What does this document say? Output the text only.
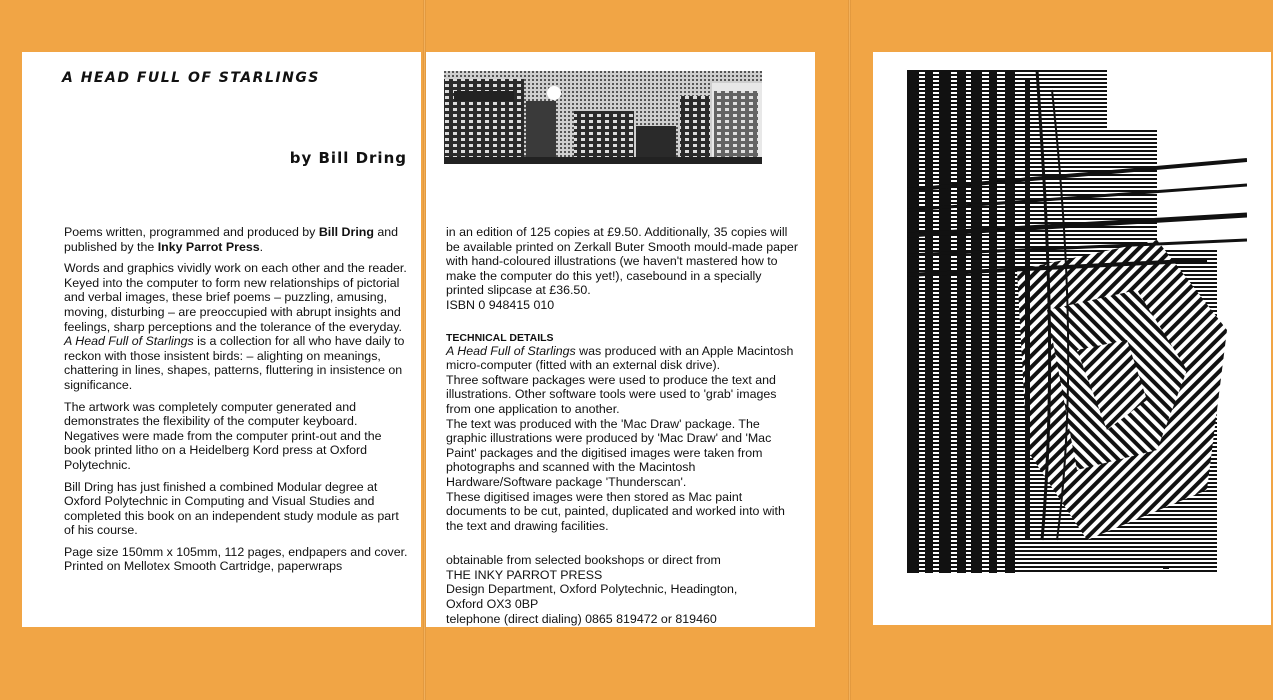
A HEAD FULL OF STARLINGS
by Bill Dring

Poems written, programmed and produced by Bill Dring and published by the Inky Parrot Press.

Words and graphics vividly work on each other and the reader. Keyed into the computer to form new relationships of pictorial and verbal images, these brief poems – puzzling, amusing, moving, disturbing – are preoccupied with abrupt insights and feelings, sharp perceptions and the tolerance of the everyday. A Head Full of Starlings is a collection for all who have daily to reckon with those insistent birds: – alighting on meanings, chattering in lines, shapes, patterns, fluttering in insistence on significance.

The artwork was completely computer generated and demonstrates the flexibility of the computer keyboard. Negatives were made from the computer print-out and the book printed litho on a Heidelberg Kord press at Oxford Polytechnic.

Bill Dring has just finished a combined Modular degree at Oxford Polytechnic in Computing and Visual Studies and completed this book on an independent study module as part of his course.

Page size 150mm x 105mm, 112 pages, endpapers and cover. Printed on Mellotex Smooth Cartridge, paperwraps

in an edition of 125 copies at £9.50. Additionally, 35 copies will be available printed on Zerkall Buter Smooth mould-made paper with hand-coloured illustrations (we haven't mastered how to make the computer do this yet!), casebound in a specially printed slipcase at £36.50.

ISBN 0 948415 010

TECHNICAL DETAILS

A Head Full of Starlings was produced with an Apple Macintosh micro-computer (fitted with an external disk drive).

Three software packages were used to produce the text and illustrations. Other software tools were used to 'grab' images from one application to another.

The text was produced with the 'Mac Draw' package. The graphic illustrations were produced by 'Mac Draw' and 'Mac Paint' packages and the digitised images were taken from photographs and scanned with the Macintosh Hardware/Software package 'Thunderscan'.

These digitised images were then stored as Mac paint documents to be cut, painted, duplicated and worked into with the text and drawing facilities.

obtainable from selected bookshops or direct from
THE INKY PARROT PRESS
Design Department, Oxford Polytechnic, Headington,
Oxford OX3 0BP
telephone (direct dialing) 0865 819472 or 819460
